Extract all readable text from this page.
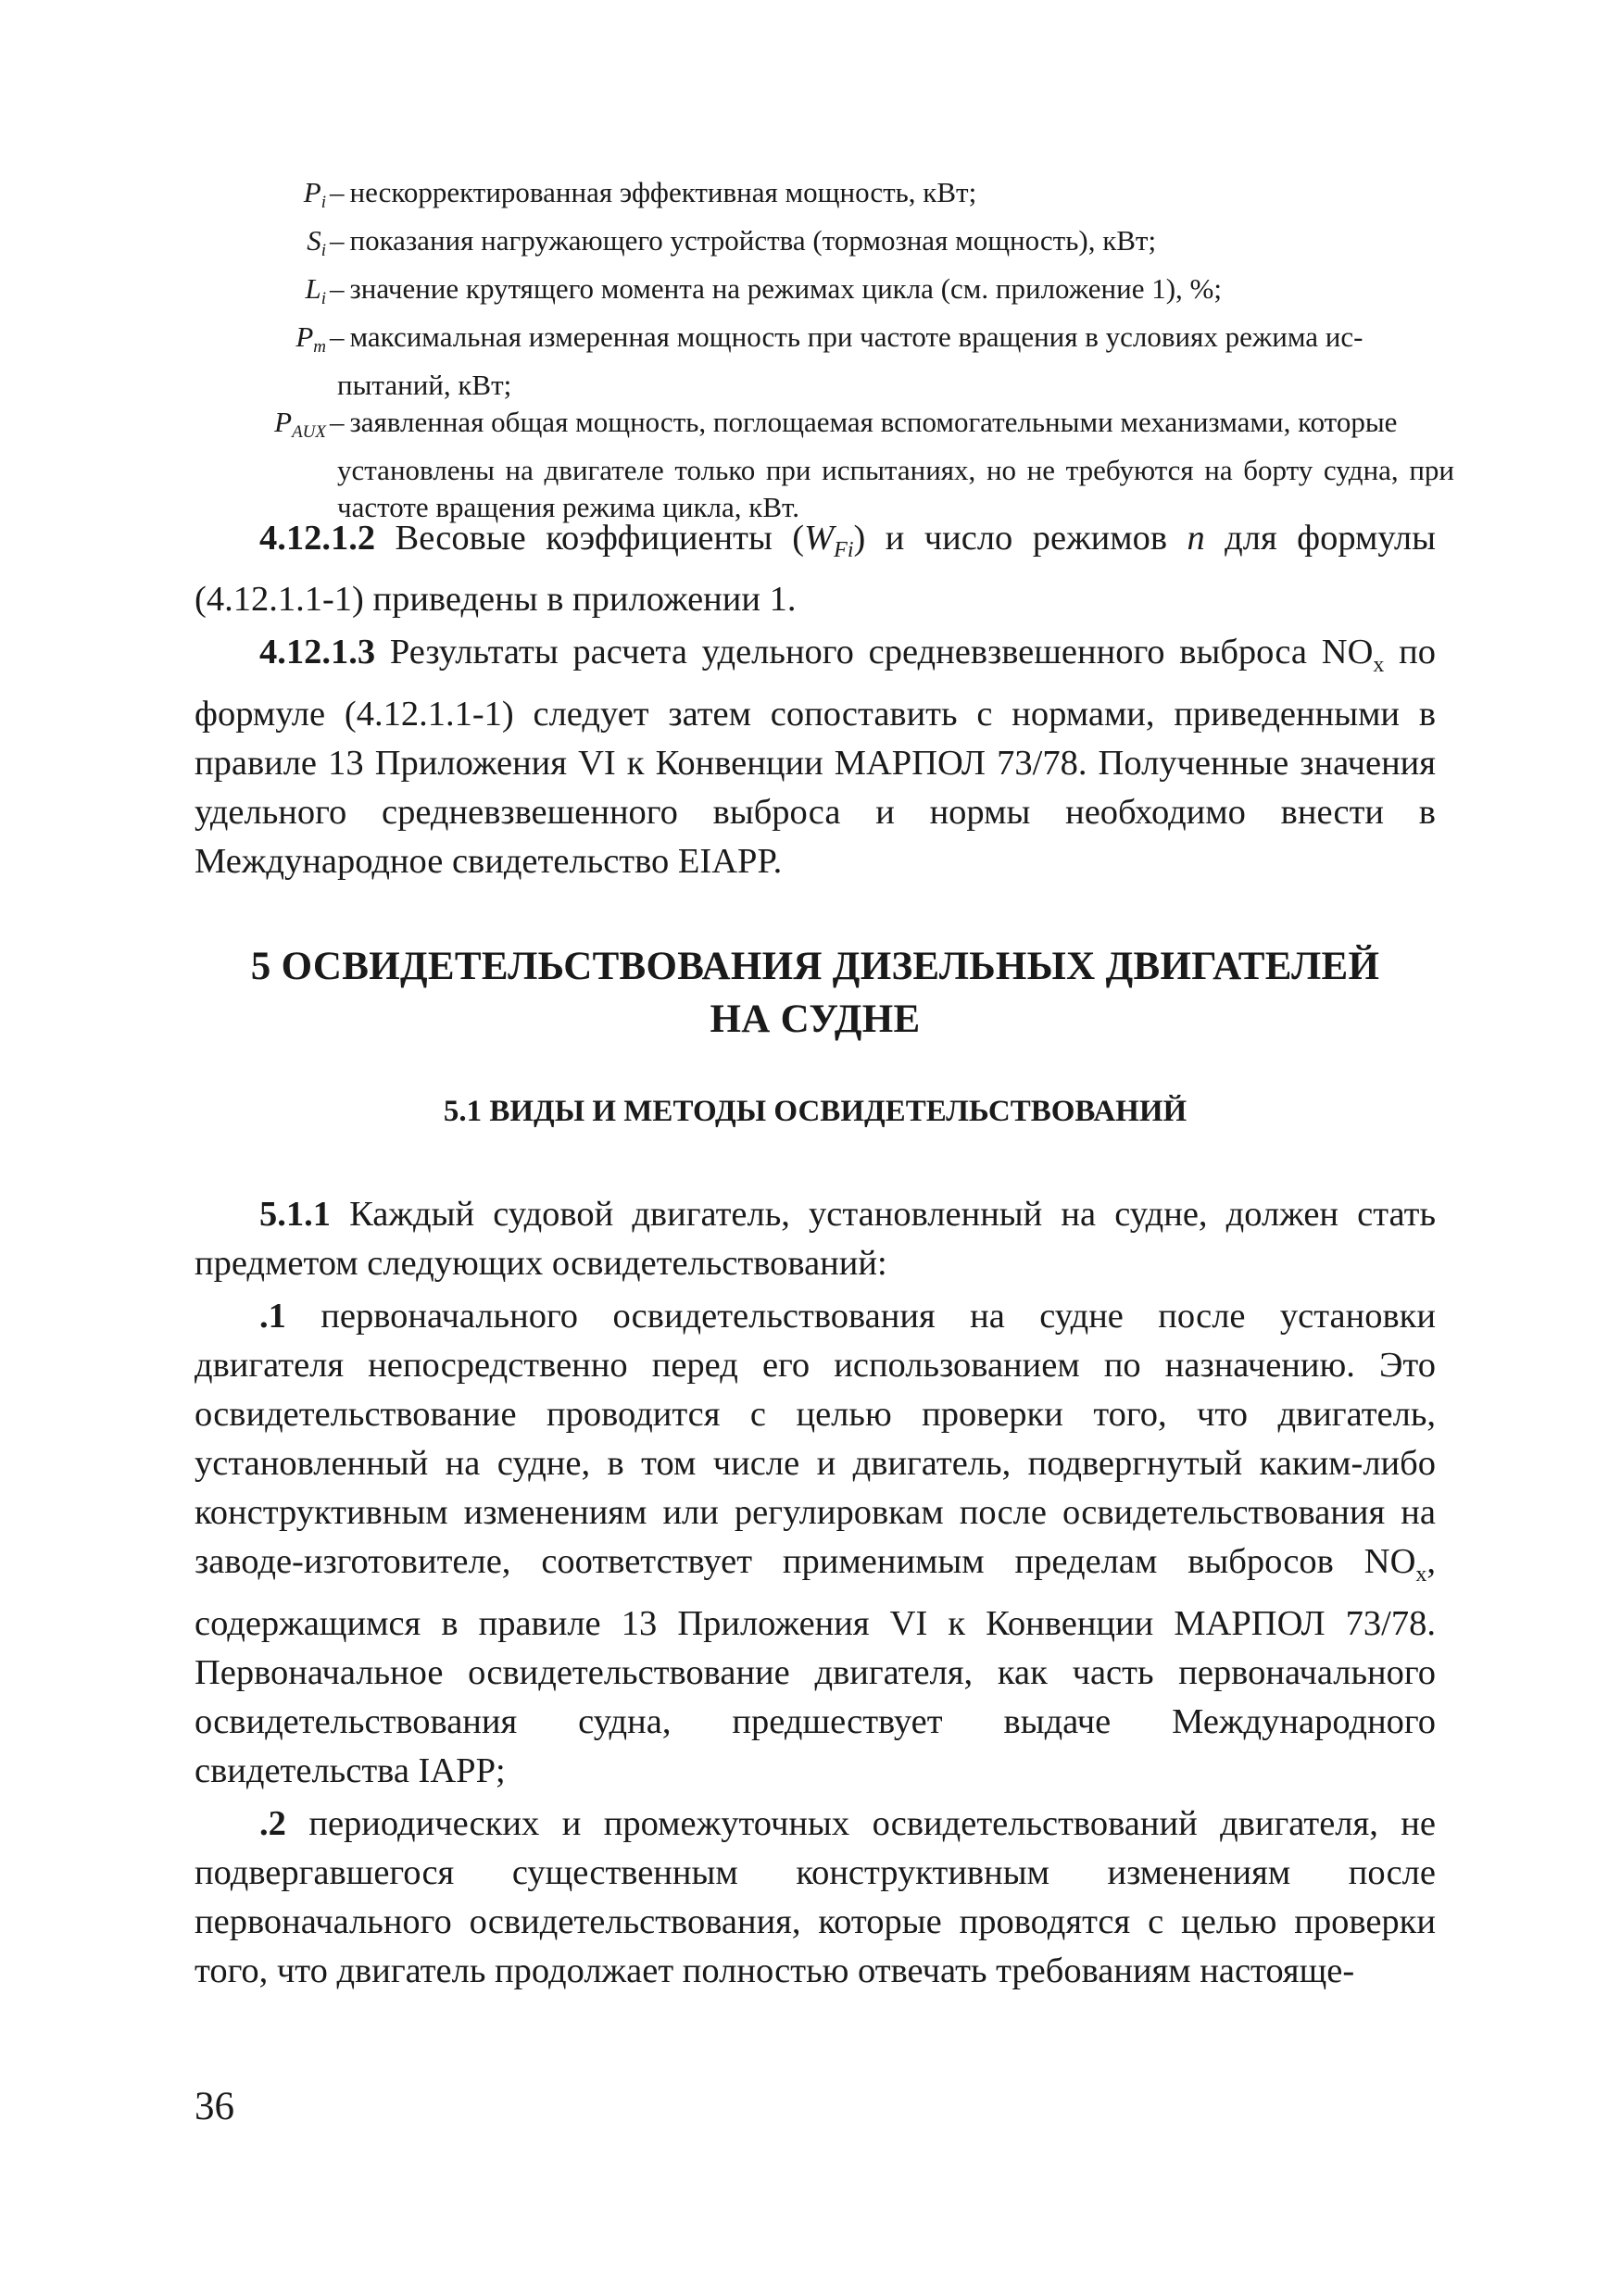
$P_i$ – нескорректированная эффективная мощность, кВт;
$S_i$ – показания нагружающего устройства (тормозная мощность), кВт;
$L_i$ – значение крутящего момента на режимах цикла (см. приложение 1), %;
$P_m$ – максимальная измеренная мощность при частоте вращения в условиях режима ис-
пытаний, кВт;
$P_{AUX}$ – заявленная общая мощность, поглощаемая вспомогательными механизмами, которые
установлены на двигателе только при испытаниях, но не требуются на борту судна, при частоте вращения режима цикла, кВт.

4.12.1.2 Весовые коэффициенты $(W_{Fi})$ и число режимов n для формулы (4.12.1.1-1) приведены в приложении 1.

4.12.1.3 Результаты расчета удельного средневзвешенного выброса $NO_x$ по формуле (4.12.1.1-1) следует затем сопоставить с нормами, приведенными в правиле 13 Приложения VI к Конвенции МАРПОЛ 73/78. Полученные значения удельного средневзвешенного выброса и нормы необходимо внести в Международное свидетельство EIAPP.

5 ОСВИДЕТЕЛЬСТВОВАНИЯ ДИЗЕЛЬНЫХ ДВИГАТЕЛЕЙ
НА СУДНЕ
5.1 ВИДЫ И МЕТОДЫ ОСВИДЕТЕЛЬСТВОВАНИЙ

5.1.1 Каждый судовой двигатель, установленный на судне, должен стать предметом следующих освидетельствований:

.1 первоначального освидетельствования на судне после установки двигателя непосредственно перед его использованием по назначению. Это освидетельствование проводится с целью проверки того, что двигатель, установленный на судне, в том числе и двигатель, подвергнутый каким-либо конструктивным изменениям или регулировкам после освидетельствования на заводе-изготовителе, соответствует применимым пределам выбросов $NO_x$, содержащимся в правиле 13 Приложения VI к Конвенции МАРПОЛ 73/78. Первоначальное освидетельствование двигателя, как часть первоначального освидетельствования судна, предшествует выдаче Международного свидетельства IAPP;

.2 периодических и промежуточных освидетельствований двигателя, не подвергавшегося существенным конструктивным изменениям после первоначального освидетельствования, которые проводятся с целью проверки того, что двигатель продолжает полностью отвечать требованиям настояще-

36
